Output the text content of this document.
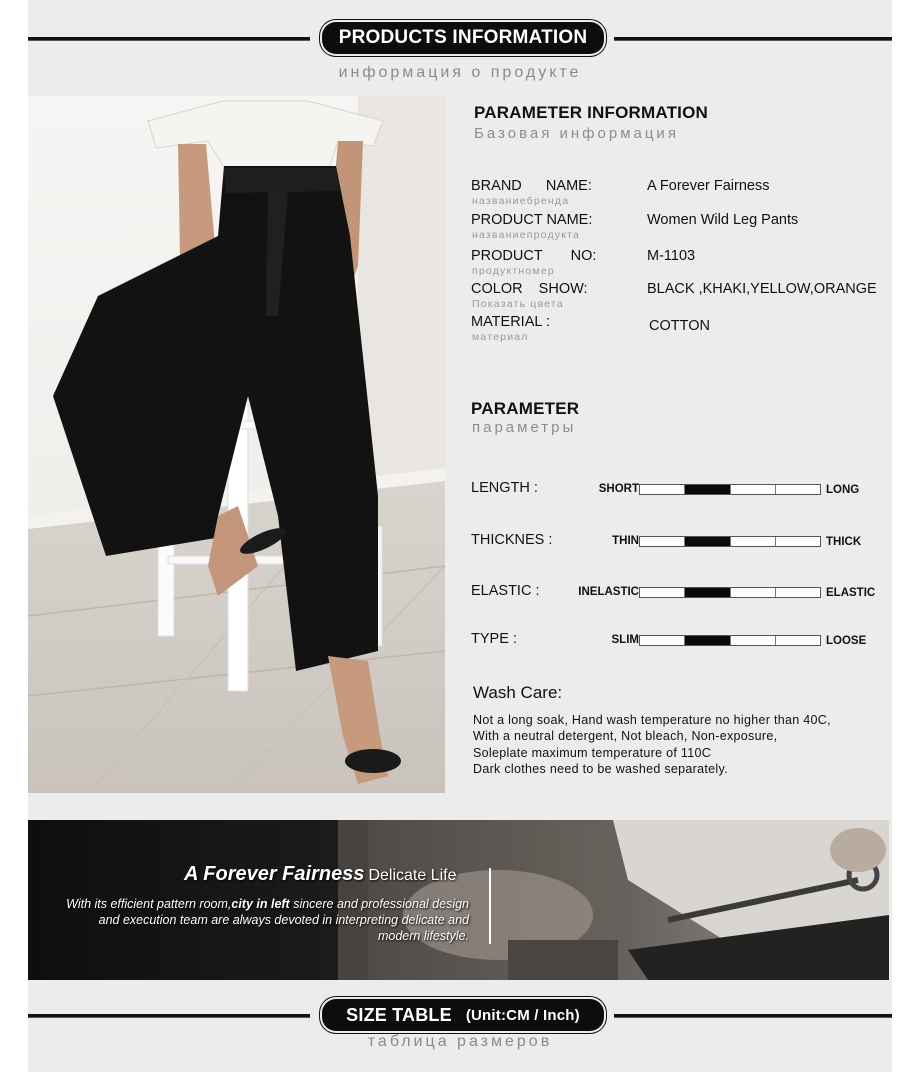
PRODUCTS INFORMATION
информация о продукте
PARAMETER INFORMATION
Базовая информация
BRAND      NAME:
названиебренда
A Forever Fairness
PRODUCT NAME:
названиепродукта
Women Wild Leg Pants
PRODUCT       NO:
продуктномер
M-1103
COLOR    SHOW:
Показать цвета
BLACK ,KHAKI,YELLOW,ORANGE
MATERIAL :
материал
COTTON
PARAMETER
параметры
LENGTH :	SHORT	LONG
THICKNES :	THIN	THICK
ELASTIC :	INELASTIC	ELASTIC
TYPE :	SLIM	LOOSE
Wash Care:
Not a long soak, Hand wash temperature no higher than 40C,
With a neutral detergent, Not bleach, Non-exposure,
Soleplate maximum temperature of 110C
Dark clothes need to be washed separately.
A Forever Fairness Delicate Life
With its efficient pattern room,city in left sincere and professional design
and execution team are always devoted in interpreting delicate and
modern lifestyle.
SIZE TABLE (Unit:CM / Inch)
таблица размеров
